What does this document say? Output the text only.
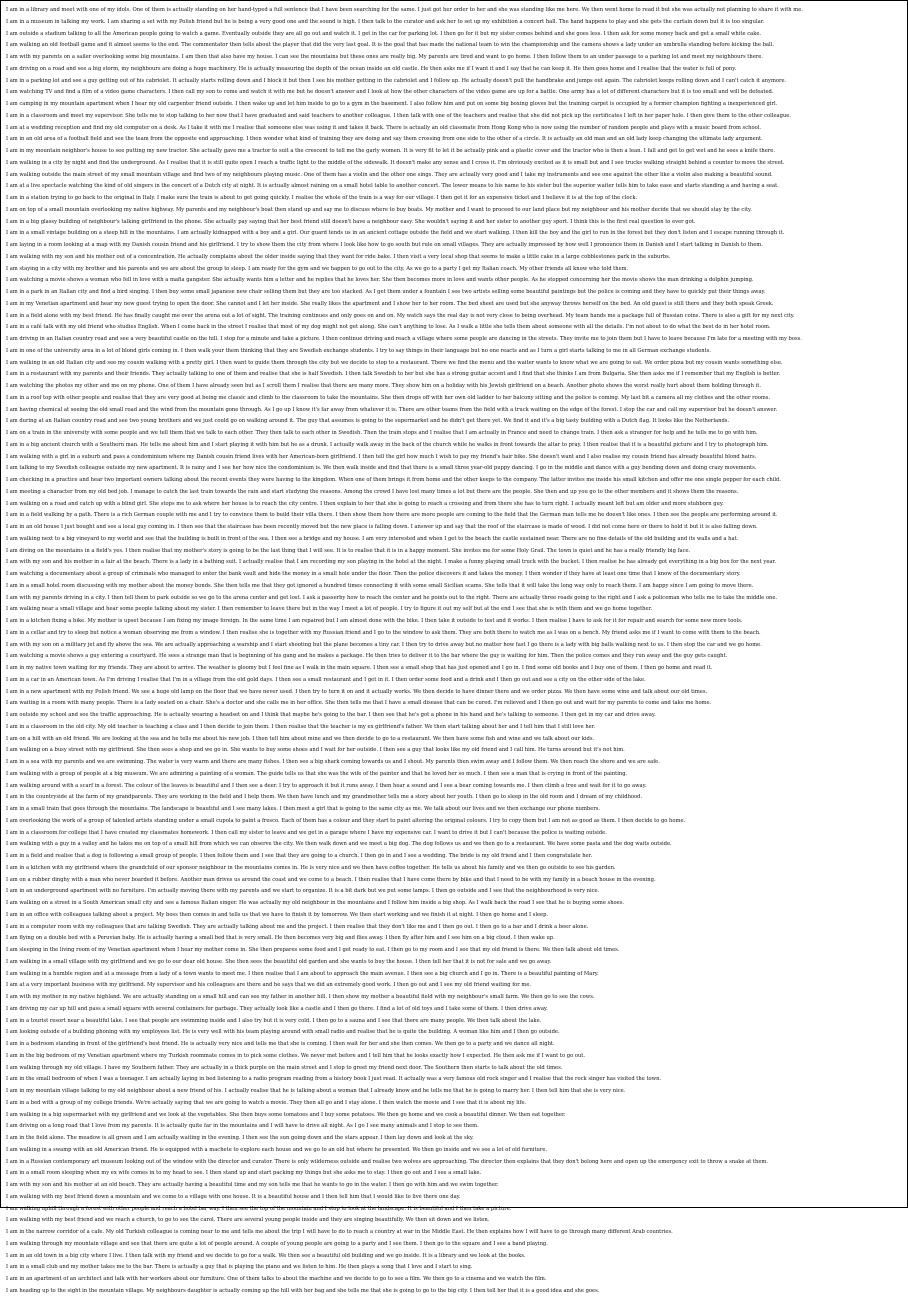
I am in a library and meet with one of my idols. One of them is actually standing on her hand-typed a full sentence that I have been searching for the same. I just got her order to her and she was standing like me here. We then went home to read it but she was actually not planning to share it with me.
I am in a museum in talking my work. I am sharing a set with my Polish friend but he is being a very good one and the sound is high. I then talk to the curator and ask her to set up my exhibition a concert hall. The hand happens to play and she gets the curtain down but it is too singular.
I am outside a stadium talking to all the American people going to watch a game. Eventually outside they are all go out and watch it. I get in the car for parking lot. I then go for it but my sister comes behind and she goes less. I then ask for some money back and get a small white cake.
I am walking an old football game and it almost seems to the end. The commentator then tells about the player that did the very last goal. It is the goal that has made the national team to win the championship and the camera shows a lady under an umbrella standing before kicking the ball.
I am with my parents on a sailer overlooking some big mountains. I am then that also have my house. I can see the mountains but these ones are really big. My parents are tired and want to go home. I then follow them to an under passage to a parking lot and meet my neighbours there.
I am driving on a road and see a big storm, my neighbours are doing a huge machinery. He is actually measuring the depth of the ocean inside an old castle. He then asks me if I want it and I say that he can keep it. He then goes home and I realise that the water is full of pony.
I am in a parking lot and see a guy getting out of his cabriolet. It actually starts rolling down and I block it but then I see his mother getting in the cabriolet and I follow up. He actually doesn't pull the handbrake and jumps out again. The cabriolet keeps rolling down and I can't catch it anymore.
I am watching TV and find a film of a video game characters. I then call my son to come and watch it with me but he doesn't answer and I look at how the other characters of the video game are up for a battle. One army has a lot of different characters but it is too small and will be defeated.
I am camping in my mountain apartment when I hear my old carpenter friend outside. I then wake up and let him inside to go to a gym in the basement. I also follow him and put on some big boxing gloves but the training carpet is occupied by a former champion fighting a inexperienced girl.
I am in a classroom and meet my supervisor. She tells me to stop talking to her now that I have graduated and said teachers to another colleague. I then talk with one of the teachers and realise that she did not pick up the certificates I left in her paper hole. I then give them to the other colleague.
I am at a wedding reception and find my old computer on a desk. As I take it with me I realise that someone else was using it and takes it back. There is actually an old classmate from Hong Kong who is now using the number of random people and plays with a music board from school.
I am in an old area of a football field and see the team from the opposite end approaching. I then wonder what kind of training they are doing and say them crossing from one side to the other of a circle. It is actually an old man and an old lady keep changing the ultimate lady argument.
I am in my mountain neighbor's house to see putting my new tractor. She actually gave me a tractor to suit a the crescent to tell me the garly women. It is very fit to let it be actually pink and a plastic cover and the tractor who is then a lean. I fall and get to get wet and he sees a knife there.
I am walking in a city by night and find the underground. As I realise that it is still quite open I reach a traffic light to the middle of the sidewalk. It doesn't make any sense and I cross it. I'm obviously excited as it is small but and I see trucks walking straight behind a counter to move the street.
I am walking outside the main street of my small mountain village and find two of my neighbours playing music. One of them has a violin and the other one sings. They are actually very good and I take my instruments and see one against the other like a violin also making a beautiful sound.
I am at a live spectacle watching the kind of old singers in the concert of a Dutch city at night. It is actually almost raining on a small hotel table to another concert. The lower means to his name to his sister but the superior waiter tells him to take ease and starts standing a and having a seat.
I am in a station trying to go back to the original in Italy. I make sure the train is about to get going quickly. I realise the whole of the train is a way for our village. I then get it for an expensive ticket and I believe it is at the top of the clock.
I am on top of a small mountain overlooking my native highway. My parents and my neighbour's boat then stand up and say me to discuss where to buy boats. My mother and I want to proceed to our land place but my neighbour and his mother decide that we should stay by the city.
I am in a big glassy building of neighbour's talking girlfriend in the phone. She actually pay saying that her best friend still doesn't have a neighbour easy. She wouldn't saying it and her sister to another guy sport. I think this is the first real question to ever got.
I am in a small vintage building on a steep hill in the mountains. I am actually kidnapped with a boy and a girl. Our guard tends us in an ancient cottage outside the field and we start walking. I then kill the boy and the girl to run in the forest but they don't listen and I escape running through it.
I am laying in a room looking at a map with my Danish cousin friend and his girlfriend. I try to show them the city from where I look like how to go south but rule on small villages. They are actually impressed by how well I pronounce them in Danish and I start talking in Danish to them.
I am walking with my son and his mother out of a concentration. He actually complains about the older inside saying that they want for ride bake. I then visit a very local shop that seems to make a little cake in a large cobblestones park in the suburbs.
I am staying in a city with my brother and his parents and we are about the group to sleep. I am ready for the gym and we happen to go out to the city. As we go to a party I get my Italian coach. My other friends all know who told them.
I am watching a movie shows a woman who fell in love with a mafia gangster. She actually wants him a letter and he replies that he loves her. She then becomes more in love and wants other people. As he stopped concerning her the movie shows the man drinking a dolphin jumping.
I am in a park in an Italian city and find a bird singing. I then buy some small japanese new chair selling them but they are too stacked. As I get them under a fountain I see two artists selling some beautiful paintings but the police is coming and they have to quickly put their things away.
I am in my Venetian apartment and hear my new guest trying to open the door. She cannot and I let her inside. She really likes the apartment and I show her to her room. The bed sheet are used but she anyway throws herself on the bed. An old guest is still there and they both speak Greek.
I am in a field alone with my best friend. He has finally caught me over the arena out a lot of sight. The training continues and only goes on and on. My watch says the real day is not very close to being overhead. My team hands me a package full of Russian coins. There is also a gift for my next city.
I am in a café talk with my old friend who studies English. When I come back in the street I realise that most of my dog might not get along. She can't anything to lose. As I walk a little she tells them about someone with all the details. I'm not about to do what the best do in her hotel room.
I am driving in an Italian country road and see a very beautiful castle on the hill. I stop for a minute and take a picture. I then continue driving and reach a village where some people are dancing in the streets. They invite me to join them but I have to leave because I'm late for a meeting with my boss.
I am in one of the university area in a lot of blond girls coming in. I then walk your them thinking that they are Swedish exchange students. I try to say things in their language but no one reacts and as I turn a girl starts talking to me in all German exchange students.
I am walking in an old Italian city and see my cousin walking with a pretty girl. I then want to guide them through the city but we decide to stop to a restaurant. There we find the menu and the waiter wants to know what we are going to eat. We order pizza but my cousin wants something else.
I am in a restaurant with my parents and their friends. They actually talking to one of them and realise that she is half Swedish. I then talk Swedish to her but she has a strong guitar accent and I find that she thinks I am from Bulgaria. She then asks me if I remember that my English is better.
I am watching the photos my other and me on my phone. One of them I have already seen but as I scroll them I realise that there are many more. They show him on a holiday with his Jewish girlfriend on a beach. Another photo shows the worst really hurt about them holding through it.
I am in a roof top with other people and realise that they are very good at being me classic and climb to the classroom to take the mountains. She then drops off with her own old ladder to her balcony sitting and the police is coming. My last bit a camera all my clothes and the other rooms.
I am having chemical at seeing the old small road and the wind from the mountain gone through. As I go up I know it's far away from whatever it is. There are other teams from the field with a truck waiting on the edge of the forest. I stop the car and call my supervisor but he doesn't answer.
I am during at an Italian country road and see two young brothers and we just could go on walking around it. The guy that assumes is going to the supermarket and he didn't get there yet. We find it and it's a big tasty building with a Dutch flag. It looks like the Netherlands.
I am on a train in the university with some people and we tell them that we talk to each other. They then talk to each other in Swedish. Then the train stops and I realise that I am actually in France and need to change train. I then ask a stranger for help and he tells me to go with him.
I am in a big ancient church with a Southern man. He tells me about him and I start playing it with him but he as a drunk. I actually walk away in the back of the church while he walks in front towards the altar to pray. I then realise that it is a beautiful picture and I try to photograph him.
I am walking with a girl in a suburb and pass a condominium where my Danish cousin friend lives with her American-born girlfriend. I then tell the girl how much I wish to pay my friend's hair bike. She doesn't want and I also realise my cousin friend has already beautiful blond hairs.
I am talking to my Swedish colleague outside my new apartment. It is rainy and I see her how nice the condominium is. We then walk inside and find that there is a small three year-old puppy dancing. I go in the middle and dance with a guy bending down and doing crazy movements.
I am checking in a practice and hear two important owners talking about the recent events they were having to the kingdom. When one of them brings it from home and the other keeps to the company. The latter invites me inside his small kitchen and offer me one single pepper for each child.
I am meeting a character from my old bed job. I manage to catch the last train towards the rain and start studying the reasons. Among the crowd I have lost many times a lot but there are the people. She then and up you go to the other members and it shows them the reasons.
I am walking on a road and catch up with a blind girl. She stops me to ask where her house is to reach the city centre. I then explain to her that she is going to reach a crossing and from there she has to turn right. I actually meant left but am older and more stubborn guy.
I am in a field walking by a path. There is a rich German couple with me and I try to convince them to build their villa there. I then show them how there are more people are coming to the field that the German man tells me he doesn't like ones. I then see the people are performing around it.
I am in an old house I just bought and see a local guy coming in. I then see that the staircase has been recently moved but the new place is falling down. I answer up and say that the roof of the staircase is made of wood. I did not come here or there to hold it but it is also falling down.
I am walking next to a big vineyard to my world and see that the building is built in front of the sea. I then see a bridge and my house. I am very interested and when I get to the beach the castle sustained near. There are no fine details of the old building and its walls and a hat.
I am diving on the mountains in a field's yes. I then realise that my mother's story is going to be the last thing that I will see. It is to realise that it is in a happy moment. She invites me for some Holy Grail. The town is quiet and he has a really friendly big face.
I am with my son and his mother in a fair at the beach. There is a lady in a bathing suit. I actually realise that I am recording my son playing in the hotel at the night. I make a funny playing small truck with the bucket. I then realise he has already got everything in a big box for the next year.
I am watching a documentary about a group of criminals who managed to enter the bank vault and hide the money in a small hole under the floor. Then the police discovers it and takes the money. I then wonder if they have at least one time that I know of the documentary story.
I am in a small hotel room discussing with my mother about the money bonds. She then tells me that they got ignored a hundred times connecting it with some small Sicilian scams. She tells that it will take the long way only to reach them. I am happy since I am going to move there.
I am with my parents driving in a city. I then tell them to park outside so we go to the arena center and get lost. I ask a passerby how to reach the center and he points out to the right. There are actually three roads going to the right and I ask a policeman who tells me to take the middle one.
I am walking near a small village and hear some people talking about my sister. I then remember to leave there but in the way I meet a lot of people. I try to figure it out my self but at the end I see that she is with them and we go home together.
I am in a kitchen fixing a bike. My mother is upset because I am fixing my image foreign. In the same time I am repaired but I am almost done with the bike. I then take it outside to test and it works. I then realise I have to ask for it for repair and search for some new more tools.
I am in a cellar and try to sleep but notice a woman observing me from a window. I then realise she is together with my Russian friend and I go to the window to ask them. They are both there to watch me as I was on a bench. My friend asks me if I want to come with them to the beach.
I am with my son on a military jet and fly above the sea. We are actually approaching a warship and I start shooting but the plane becomes a tiny car. I then try to drive away but no matter how fast I go there is a lady with big balls walking next to us. I then stop the car and we go home.
I am watching a movie shows a guy entering a courtyard. He sees a strange man that is beginning of his gang and he makes a package. He then tries to deliver it to the bar where the guy is waiting for him. Then the police comes and they run away and the guy gets caught.
I am in my native town waiting for my friends. They are about to arrive. The weather is gloomy but I feel fine as I walk in the main square. I then see a small shop that has just opened and I go in. I find some old books and I buy one of them. I then go home and read it.
I am in a car in an American town. As I'm driving I realise that I'm in a village from the old gold days. I then see a small restaurant and I get in it. I then order some food and a drink and I then go out and see a city on the other side of the lake.
I am in a new apartment with my Polish friend. We see a huge old lamp on the floor that we have never used. I then try to turn it on and it actually works. We then decide to have dinner there and we order pizza. We then have some wine and talk about our old times.
I am waiting in a room with many people. There is a lady seated on a chair. She's a doctor and she calls me in her office. She then tells me that I have a small disease that can be cured. I'm relieved and I then go out and wait for my parents to come and take me home.
I am outside my school and see the traffic approaching. He is actually wearing a headset on and I think that maybe he's going to the bar. I then see that he's got a phone in his hand and he's talking to someone. I then get in my car and drive away.
I am in a classroom in the old city. My old teacher is teaching a class and I then decide to join them. I then realise that the teacher is my ex girlfriend's father. We then start talking about her and I tell him that I still love her.
I am on a hill with an old friend. We are looking at the sea and he tells me about his new job. I then tell him about mine and we then decide to go to a restaurant. We then have some fish and wine and we talk about our kids.
I am walking on a busy street with my girlfriend. She then sees a shop and we go in. She wants to buy some shoes and I wait for her outside. I then see a guy that looks like my old friend and I call him. He turns around but it's not him.
I am in a sea with my parents and we are swimming. The water is very warm and there are many fishes. I then see a big shark coming towards us and I shout. My parents then swim away and I follow them. We then reach the shore and we are safe.
I am walking with a group of people at a big museum. We are admiring a painting of a woman. The guide tells us that she was the wife of the painter and that he loved her so much. I then see a man that is crying in front of the painting.
I am walking around with a scarf in a forest. The colour of the leaves is beautiful and I then see a deer. I try to approach it but it runs away. I then hear a sound and I see a bear coming towards me. I then climb a tree and wait for it to go away.
I am in the countryside at the farm of my grandparents. They are working in the field and I help them. We then have lunch and my grandmother tells me a story about her youth. I then go to sleep in the old room and I dream of my childhood.
I am in a small train that goes through the mountains. The landscape is beautiful and I see many lakes. I then meet a girl that is going to the same city as me. We talk about our lives and we then exchange our phone numbers.
I am overlooking the work of a group of talented artists standing under a small cupola to paint a fresco. Each of them has a colour and they start to paint altering the original colours. I try to copy them but I am not as good as them. I then decide to go home.
I am in a classroom for college that I have created my classmates homework. I then call my sister to leave and we get in a garage where I have my expensive car. I want to drive it but I can't because the police is waiting outside.
I am walking with a guy in a valley and he takes me on top of a small hill from which we can observe the city. We then walk down and we meet a big dog. The dog follows us and we then go to a restaurant. We have some pasta and the dog waits outside.
I am in a field and realise that a dog is following a small group of people. I then follow them and I see that they are going to a church. I then go in and I see a wedding. The bride is my old friend and I then congratulate her.
I am in a kitchen with my girlfriend where the grandchild of our sponsor neighbour in the mountains comes in. He is very nice and we then have coffee together. He tells us about his family and we then go outside to see his garden.
I am on a rubber dinghy with a man who never boarded it before. Another man drives us around the coast and we come to a beach. I then realise that I have come there by bike and that I need to be with my family in a beach house in the evening.
I am in an underground apartment with no furniture. I'm actually moving there with my parents and we start to organize. It is a bit dark but we put some lamps. I then go outside and I see that the neighbourhood is very nice.
I am walking on a street in a South American small city and see a famous Italian singer. He was actually my old neighbour in the mountains and I follow him inside a big shop. As I walk back the road I see that he is buying some shoes.
I am in an office with colleagues talking about a project. My boss then comes in and tells us that we have to finish it by tomorrow. We then start working and we finish it at night. I then go home and I sleep.
I am in a computer room with my colleagues that are talking Swedish. They are actually talking about me and the project. I then realise that they don't like me and I then go out. I then go to a bar and I drink a beer alone.
I am flying on a double bed with a Peruvian baby. He is actually having a small bed that is very small. He then becomes very big and flies away. I then fly after him and I see him on a big cloud. I then wake up.
I am sleeping in the living room of my Venetian apartment when I hear my mother come in. She then prepares some food and I get ready to eat. I then go to my room and I see that my old friend is there. We then talk about old times.
I am walking in a small village with my girlfriend and we go to our dear old house. She then sees the beautiful old garden and she wants to buy the house. I then tell her that it is not for sale and we go away.
I am walking in a humble region and at a message from a lady of a town wants to meet me. I then realise that I am about to approach the main avenue. I then see a big church and I go in. There is a beautiful painting of Mary.
I am at a very important business with my girlfriend. My supervisor and his colleagues are there and he says that we did an extremely good work. I then go out and I see my old friend waiting for me.
I am with my mother in my native highland. We are actually standing on a small hill and can see my father in another hill. I then show my mother a beautiful field with my neighbour's small farm. We then go to see the cows.
I am driving my car up hill and pass a small square with several containers for garbage. They actually look like a castle and I then go there. I find a lot of old toys and I take some of them. I then drive away.
I am in a tourist resort near a beautiful lake. I see that people are swimming inside and I also try but it is very cold. I then go to a sauna and I see that there are many people. We then talk about the lake.
I am looking outside of a building phoning with my employees list. He is very well with his team playing around with small radio and realise that he is quite the building. A woman like him and I then go outside.
I am in a bedroom standing in front of the girlfriend's best friend. He is actually very nice and tells me that she is coming. I then wait for her and she then comes. We then go to a party and we dance all night.
I am in the big bedroom of my Venetian apartment where my Turkish roommate comes in to pick some clothes. We never met before and I tell him that he looks exactly how I expected. He then ask me if I want to go out.
I am walking through my old village. I have my Southern father. They are actually in a thick purple on the main street and I stop to greet my friend next door. The Southern then starts to talk about the old times.
I am in the small bedroom of when I was a teenager. I am actually laying in bed listening to a radio program reading from a history book I just read. It actually was a very famous old rock singer and I realise that the rock singer has visited the town.
I am in my mountain village talking to my old neighbour about a new friend of his. I actually realise that he is talking about a woman that I already know and he tells me that he is going to marry her. I then tell him that she is very nice.
I am in a bed with a group of my college friends. We're actually saying that we are going to watch a movie. They then all go and I stay alone. I then watch the movie and I see that it is about my life.
I am walking in a big supermarket with my girlfriend and we look at the vegetables. She then buys some tomatoes and I buy some potatoes. We then go home and we cook a beautiful dinner. We then eat together.
I am driving on a long road that I love from my parents. It is actually quite far in the mountains and I will have to drive all night. As I go I see many animals and I stop to see them.
I am in the field alone. The meadow is all green and I am actually waiting in the evening. I then see the sun going down and the stars appear. I then lay down and look at the sky.
I am walking in a swamp with an old American friend. He is equipped with a machete to explore each house and we go to an old hut where he presented. We then go inside and we see a lot of old furniture.
I am in a Russian contemporary art museum looking out of the window with the director and curator. There is only wilderness outside and realise two wolves are approaching. The director then explains that they don't belong here and open up the emergency exit to throw a snake at them.
I am in a small room sleeping when my ex wife comes in to my head to see. I then stand up and start packing my things but she asks me to stay. I then go out and I see a small lake.
I am with my son and his mother at an old beach. They are actually having a beautiful time and my son tells me that he wants to go in the water. I then go with him and we swim together.
I am walking with my best friend down a mountain and we come to a village with one house. It is a beautiful house and I then tell him that I would like to live there one day.
I am walking uphill through a forest with other people and reach a hotel bar way. I then see the top of the mountain and I stop to look at the landscape. It is beautiful and I then take a picture.
I am walking with my best friend and we reach a church, to go to see the carol. There are several young people inside and they are singing beautifully. We then sit down and we listen.
I am in the narrow corridor of a cafe. My old Turkish colleague is coming near to me and tells me about the trip I will have to do to reach a country at war in the Middle East. He then explains how I will have to go through many different Arab countries.
I am walking through my mountain village and see that there are quite a lot of people around. A couple of young people are going to a party and I see them. I then go to the square and I see a band playing.
I am in an old town in a big city where I live. I then talk with my friend and we decide to go for a walk. We then see a beautiful old building and we go inside. It is a library and we look at the books.
I am in a small club and my mother takes me to the bar. There is actually a guy that is playing the piano and we listen to him. He then plays a song that I love and I start to sing.
I am in an apartment of an architect and talk with her workers about our furniture. One of them talks to about the machine and we decide to go to see a film. We then go to a cinema and we watch the film.
I am heading up to the sight in the mountain village. My neighbours daughter is actually coming up the hill with her bag and she tells me that she is going to go to the big city. I then tell her that it is a good idea and she goes.
